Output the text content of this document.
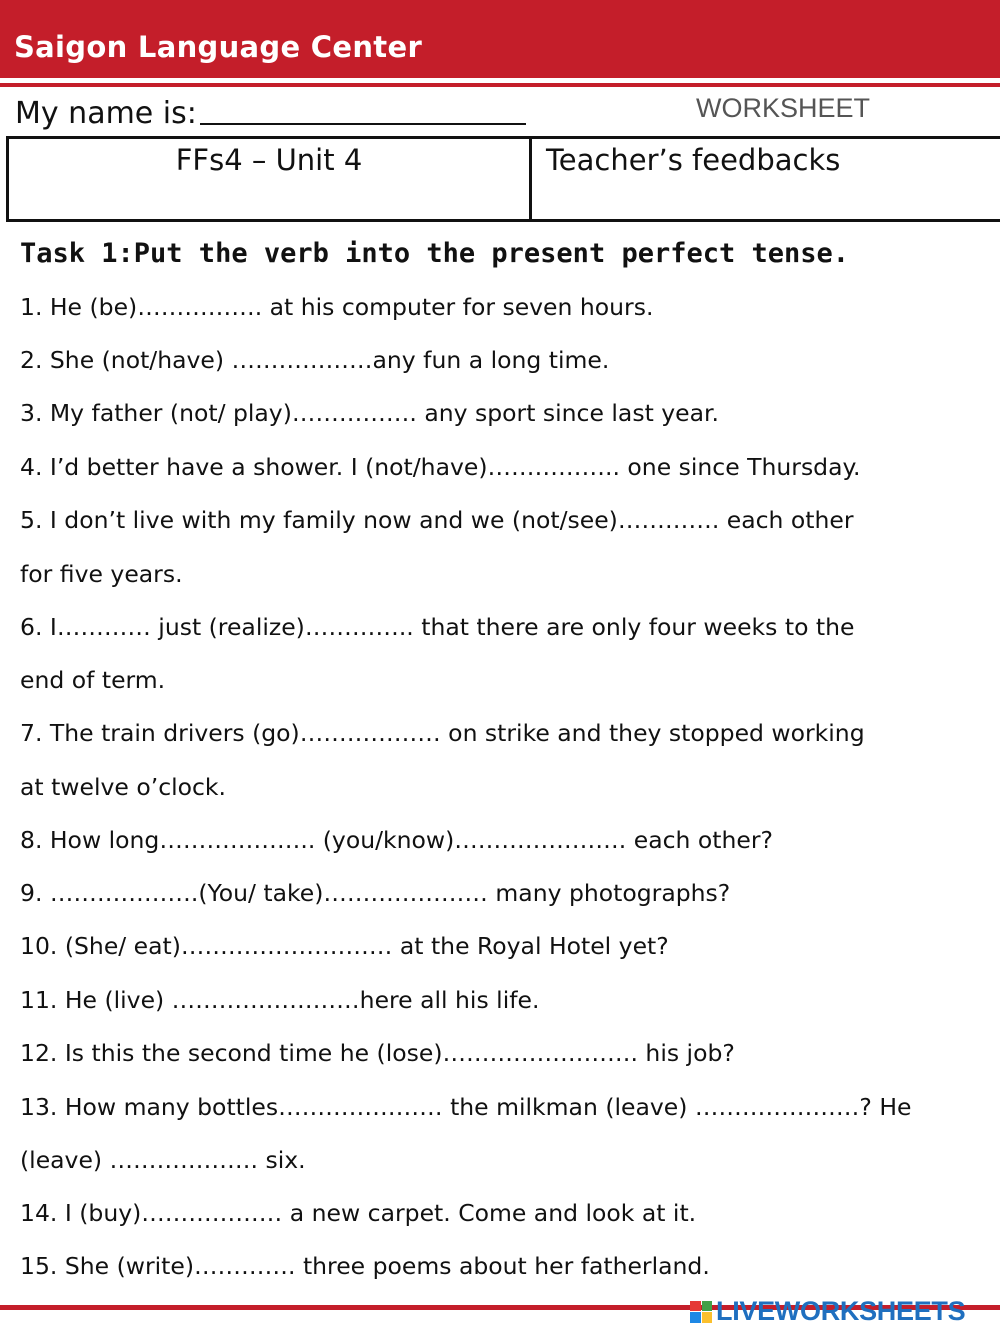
Saigon Language Center
My name is:	WORKSHEET
FFs4 – Unit 4	Teacher’s feedbacks
Task 1:Put the verb into the present perfect tense.
1. He (be)……………. at his computer for seven hours.
2. She (not/have) ………………any fun a long time.
3. My father (not/ play)……………. any sport since last year.
4. I’d better have a shower. I (not/have)…………….. one since Thursday.
5. I don’t live with my family now and we (not/see)…………. each other
for five years.
6. I………… just (realize)………….. that there are only four weeks to the
end of term.
7. The train drivers (go)……………… on strike and they stopped working
at twelve o’clock.
8. How long……………….. (you/know)…………………. each other?
9. ……………….(You/ take)………………… many photographs?
10. (She/ eat)……………………… at the Royal Hotel yet?
11. He (live) ……………………here all his life.
12. Is this the second time he (lose)……………………. his job?
13. How many bottles………………… the milkman (leave) …………………? He
(leave) ………………. six.
14. I (buy)……………… a new carpet. Come and look at it.
15. She (write)…………. three poems about her fatherland.
LIVEWORKSHEETS
